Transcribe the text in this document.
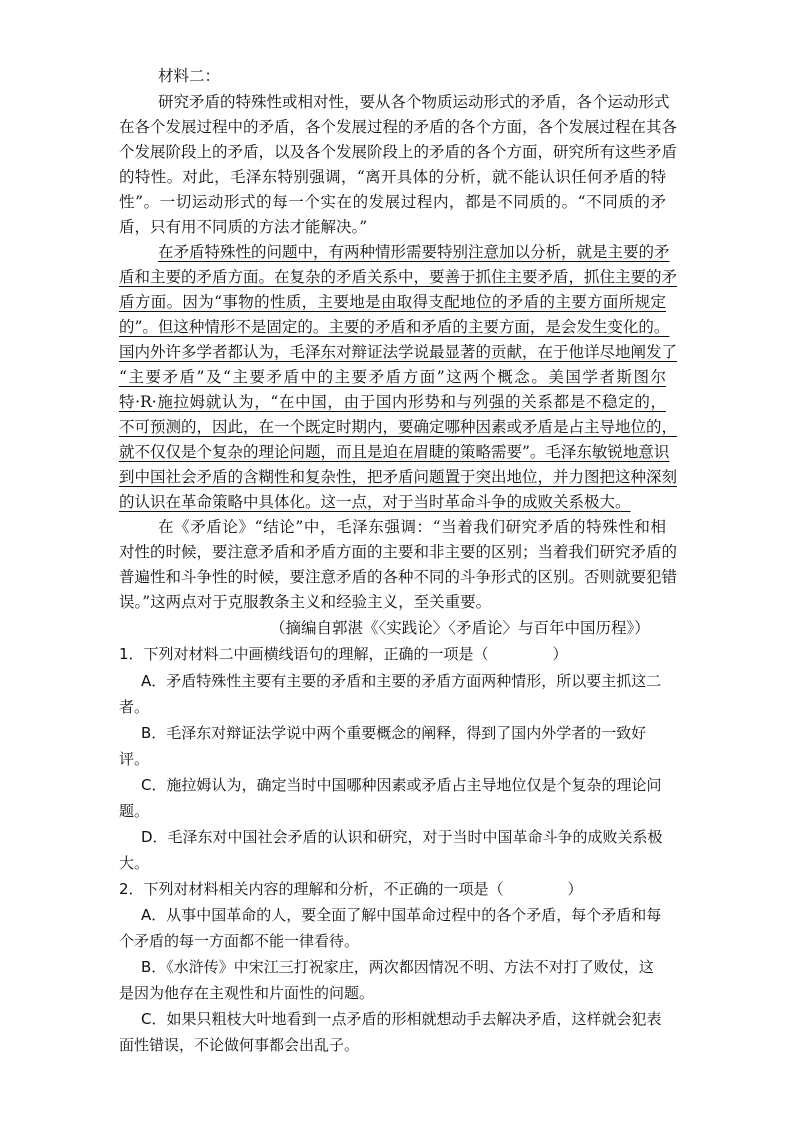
材料二：
研究矛盾的特殊性或相对性，要从各个物质运动形式的矛盾，各个运动形式
在各个发展过程中的矛盾，各个发展过程的矛盾的各个方面，各个发展过程在其各
个发展阶段上的矛盾，以及各个发展阶段上的矛盾的各个方面，研究所有这些矛盾
的特性。对此，毛泽东特别强调，“离开具体的分析，就不能认识任何矛盾的特
性”。一切运动形式的每一个实在的发展过程内，都是不同质的。“不同质的矛
盾，只有用不同质的方法才能解决。”
在矛盾特殊性的问题中，有两种情形需要特别注意加以分析，就是主要的矛
盾和主要的矛盾方面。在复杂的矛盾关系中，要善于抓住主要矛盾，抓住主要的矛
盾方面。因为“事物的性质，主要地是由取得支配地位的矛盾的主要方面所规定
的”。但这种情形不是固定的。主要的矛盾和矛盾的主要方面，是会发生变化的。
国内外许多学者都认为，毛泽东对辩证法学说最显著的贡献，在于他详尽地阐发了
“主要矛盾”及“主要矛盾中的主要矛盾方面”这两个概念。美国学者斯图尔
特·R·施拉姆就认为，“在中国，由于国内形势和与列强的关系都是不稳定的，
不可预测的，因此，在一个既定时期内，要确定哪种因素或矛盾是占主导地位的，
就不仅仅是个复杂的理论问题，而且是迫在眉睫的策略需要”。毛泽东敏锐地意识
到中国社会矛盾的含糊性和复杂性，把矛盾问题置于突出地位，并力图把这种深刻
的认识在革命策略中具体化。这一点，对于当时革命斗争的成败关系极大。
在《矛盾论》“结论”中，毛泽东强调：“当着我们研究矛盾的特殊性和相
对性的时候，要注意矛盾和矛盾方面的主要和非主要的区别；当着我们研究矛盾的
普遍性和斗争性的时候，要注意矛盾的各种不同的斗争形式的区别。否则就要犯错
误。”这两点对于克服教条主义和经验主义，至关重要。
（摘编自郭湛《〈实践论〉〈矛盾论〉与百年中国历程》）
1．下列对材料二中画横线语句的理解，正确的一项是（	）
A．矛盾特殊性主要有主要的矛盾和主要的矛盾方面两种情形，所以要主抓这二
者。
B．毛泽东对辩证法学说中两个重要概念的阐释，得到了国内外学者的一致好
评。
C．施拉姆认为，确定当时中国哪种因素或矛盾占主导地位仅是个复杂的理论问
题。
D．毛泽东对中国社会矛盾的认识和研究，对于当时中国革命斗争的成败关系极
大。
2．下列对材料相关内容的理解和分析，不正确的一项是（	）
A．从事中国革命的人，要全面了解中国革命过程中的各个矛盾，每个矛盾和每
个矛盾的每一方面都不能一律看待。
B．《水浒传》中宋江三打祝家庄，两次都因情况不明、方法不对打了败仗，这
是因为他存在主观性和片面性的问题。
C．如果只粗枝大叶地看到一点矛盾的形相就想动手去解决矛盾，这样就会犯表
面性错误，不论做何事都会出乱子。
